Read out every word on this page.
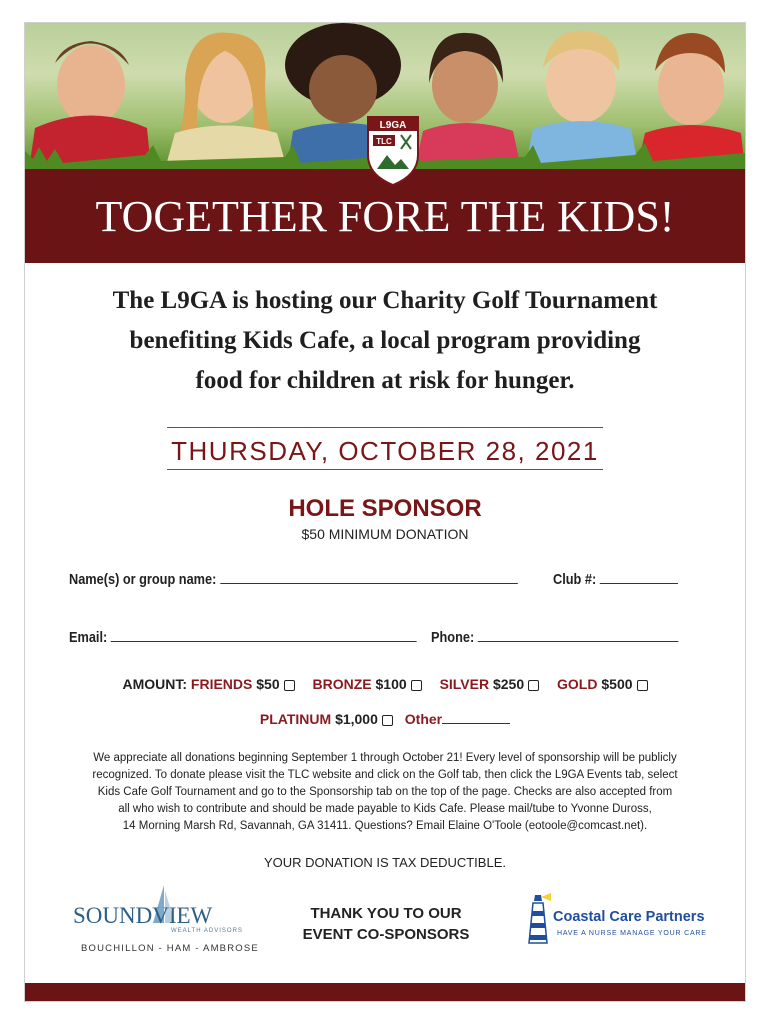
TOGETHER FORE THE KIDS!
L9GA
TLC
The L9GA is hosting our Charity Golf Tournament
benefiting Kids Cafe, a local program providing
food for children at risk for hunger.
THURSDAY, OCTOBER 28, 2021
HOLE SPONSOR
$50 MINIMUM DONATION
Name(s) or group name:	Club #:
Email:	Phone:
AMOUNT: FRIENDS $50 BRONZE $100 SILVER $250 GOLD $500
PLATINUM $1,000 Other
We appreciate all donations beginning September 1 through October 21! Every level of sponsorship will be publicly
recognized. To donate please visit the TLC website and click on the Golf tab, then click the L9GA Events tab, select
Kids Cafe Golf Tournament and go to the Sponsorship tab on the top of the page. Checks are also accepted from
all who wish to contribute and should be made payable to Kids Cafe. Please mail/tube to Yvonne Duross,
14 Morning Marsh Rd, Savannah, GA 31411. Questions? Email Elaine O'Toole (eotoole@comcast.net).
YOUR DONATION IS TAX DEDUCTIBLE.
SOUNDVIEW
WEALTH ADVISORS
BOUCHILLON - HAM - AMBROSE
THANK YOU TO OUR
EVENT CO-SPONSORS
Coastal Care Partners
HAVE A NURSE MANAGE YOUR CARE
